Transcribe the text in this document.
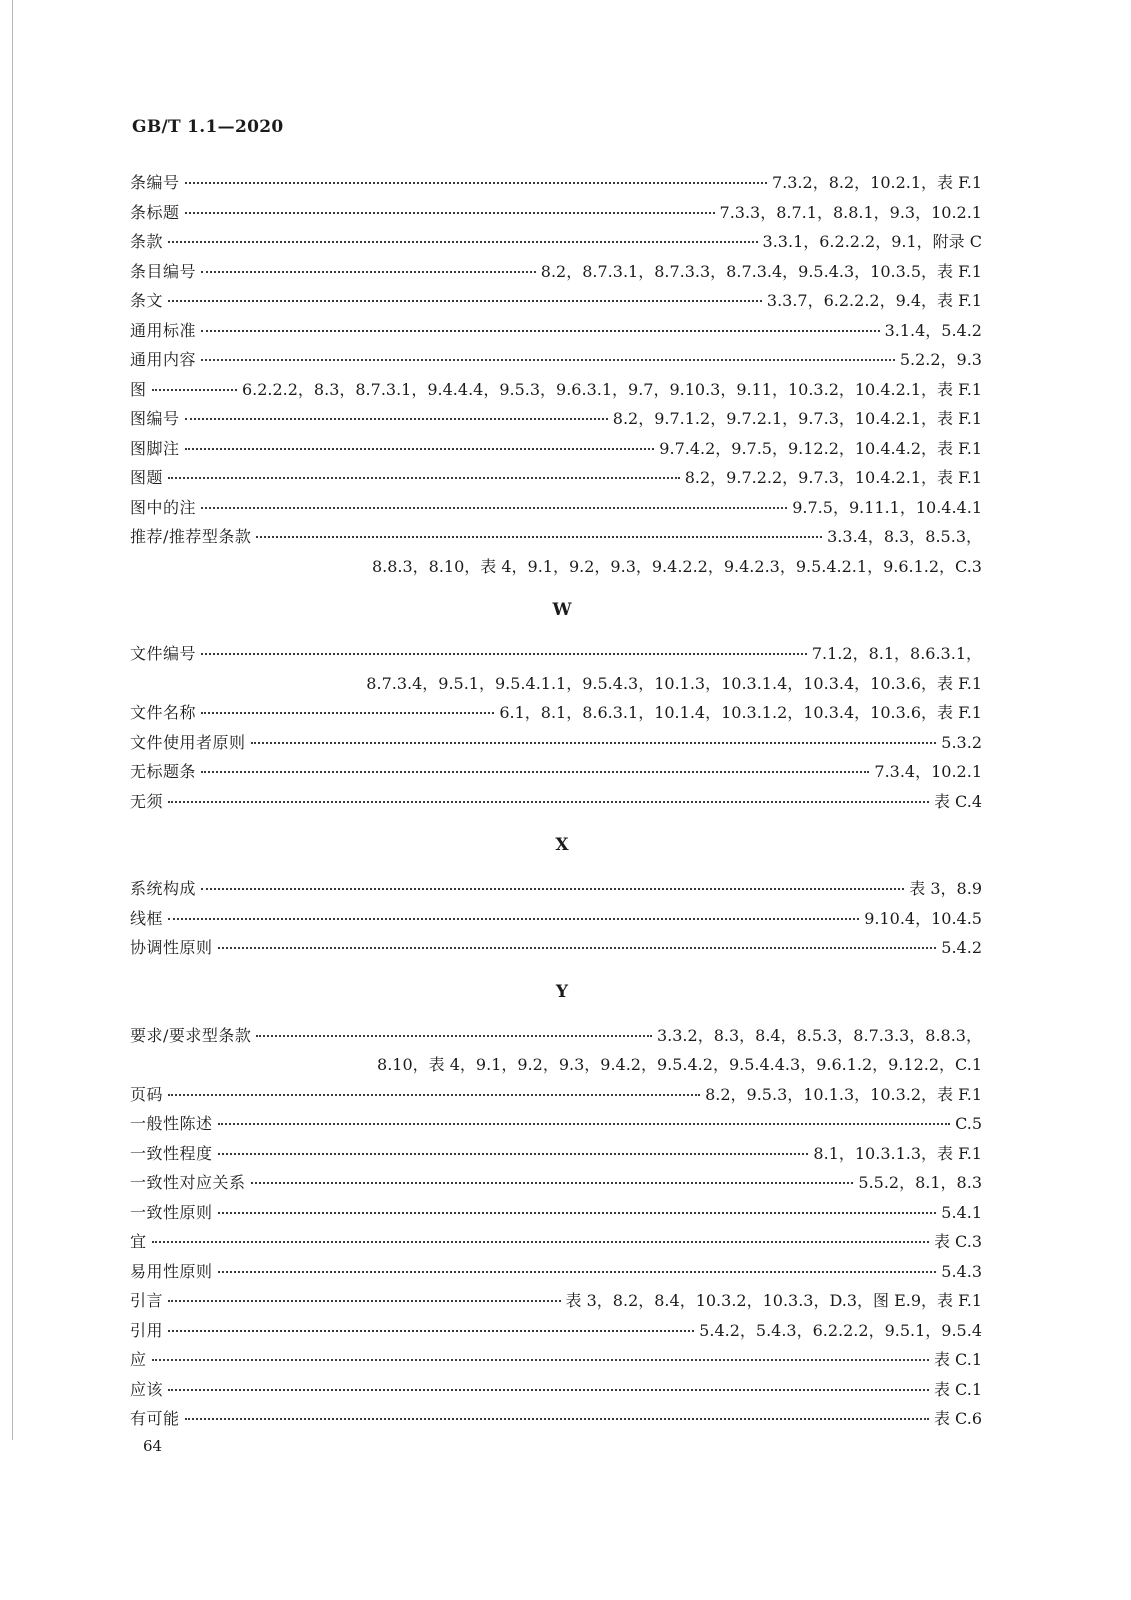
GB/T 1.1—2020
条编号	7.3.2，8.2，10.2.1，表 F.1
条标题	7.3.3，8.7.1，8.8.1，9.3，10.2.1
条款	3.3.1，6.2.2.2，9.1，附录 C
条目编号	8.2，8.7.3.1，8.7.3.3，8.7.3.4，9.5.4.3，10.3.5，表 F.1
条文	3.3.7，6.2.2.2，9.4，表 F.1
通用标准	3.1.4，5.4.2
通用内容	5.2.2，9.3
图	6.2.2.2，8.3，8.7.3.1，9.4.4.4，9.5.3，9.6.3.1，9.7，9.10.3，9.11，10.3.2，10.4.2.1，表 F.1
图编号	8.2，9.7.1.2，9.7.2.1，9.7.3，10.4.2.1，表 F.1
图脚注	9.7.4.2，9.7.5，9.12.2，10.4.4.2，表 F.1
图题	8.2，9.7.2.2，9.7.3，10.4.2.1，表 F.1
图中的注	9.7.5，9.11.1，10.4.4.1
推荐/推荐型条款	3.3.4，8.3，8.5.3，
8.8.3，8.10，表 4，9.1，9.2，9.3，9.4.2.2，9.4.2.3，9.5.4.2.1，9.6.1.2，C.3
W
文件编号	7.1.2，8.1，8.6.3.1，
8.7.3.4，9.5.1，9.5.4.1.1，9.5.4.3，10.1.3，10.3.1.4，10.3.4，10.3.6，表 F.1
文件名称	6.1，8.1，8.6.3.1，10.1.4，10.3.1.2，10.3.4，10.3.6，表 F.1
文件使用者原则	5.3.2
无标题条	7.3.4，10.2.1
无须	表 C.4
X
系统构成	表 3，8.9
线框	9.10.4，10.4.5
协调性原则	5.4.2
Y
要求/要求型条款	3.3.2，8.3，8.4，8.5.3，8.7.3.3，8.8.3，
8.10，表 4，9.1，9.2，9.3，9.4.2，9.5.4.2，9.5.4.4.3，9.6.1.2，9.12.2，C.1
页码	8.2，9.5.3，10.1.3，10.3.2，表 F.1
一般性陈述	C.5
一致性程度	8.1，10.3.1.3，表 F.1
一致性对应关系	5.5.2，8.1，8.3
一致性原则	5.4.1
宜	表 C.3
易用性原则	5.4.3
引言	表 3，8.2，8.4，10.3.2，10.3.3，D.3，图 E.9，表 F.1
引用	5.4.2，5.4.3，6.2.2.2，9.5.1，9.5.4
应	表 C.1
应该	表 C.1
有可能	表 C.6
64
